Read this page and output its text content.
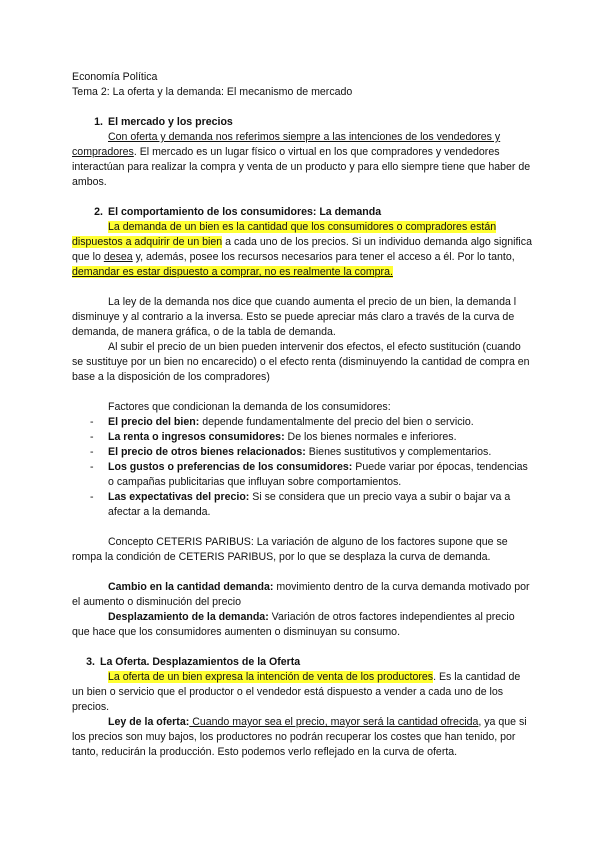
Economía Política

Tema 2: La oferta y la demanda: El mecanismo de mercado

1. El mercado y los precios

Con oferta y demanda nos referimos siempre a las intenciones de los vendedores y compradores. El mercado es un lugar físico o virtual en los que compradores y vendedores interactúan para realizar la compra y venta de un producto y para ello siempre tiene que haber de ambos.

2. El comportamiento de los consumidores: La demanda

La demanda de un bien es la cantidad que los consumidores o compradores están dispuestos a adquirir de un bien a cada uno de los precios. Si un individuo demanda algo significa que lo desea y, además, posee los recursos necesarios para tener el acceso a él. Por lo tanto, demandar es estar dispuesto a comprar, no es realmente la compra.

La ley de la demanda nos dice que cuando aumenta el precio de un bien, la demanda l

disminuye y al contrario a la inversa. Esto se puede apreciar más claro a través de la curva de demanda, de manera gráfica, o de la tabla de demanda.

Al subir el precio de un bien pueden intervenir dos efectos, el efecto sustitución (cuando se sustituye por un bien no encarecido) o el efecto renta (disminuyendo la cantidad de compra en base a la disposición de los compradores)

Factores que condicionan la demanda de los consumidores:

-	El precio del bien: depende fundamentalmente del precio del bien o servicio.
-	La renta o ingresos consumidores: De los bienes normales e inferiores.
-	El precio de otros bienes relacionados: Bienes sustitutivos y complementarios.
-	Los gustos o preferencias de los consumidores: Puede variar por épocas, tendencias o campañas publicitarias que influyan sobre comportamientos.
-	Las expectativas del precio: Si se considera que un precio vaya a subir o bajar va a afectar a la demanda.

Concepto CETERIS PARIBUS: La variación de alguno de los factores supone que se rompa la condición de CETERIS PARIBUS, por lo que se desplaza la curva de demanda.

Cambio en la cantidad demanda: movimiento dentro de la curva demanda motivado por el aumento o disminución del precio

Desplazamiento de la demanda: Variación de otros factores independientes al precio que hace que los consumidores aumenten o disminuyan su consumo.

3. La Oferta. Desplazamientos de la Oferta

La oferta de un bien expresa la intención de venta de los productores. Es la cantidad de un bien o servicio que el productor o el vendedor está dispuesto a vender a cada uno de los precios.

Ley de la oferta: Cuando mayor sea el precio, mayor será la cantidad ofrecida, ya que si los precios son muy bajos, los productores no podrán recuperar los costes que han tenido, por tanto, reducirán la producción. Esto podemos verlo reflejado en la curva de oferta.
